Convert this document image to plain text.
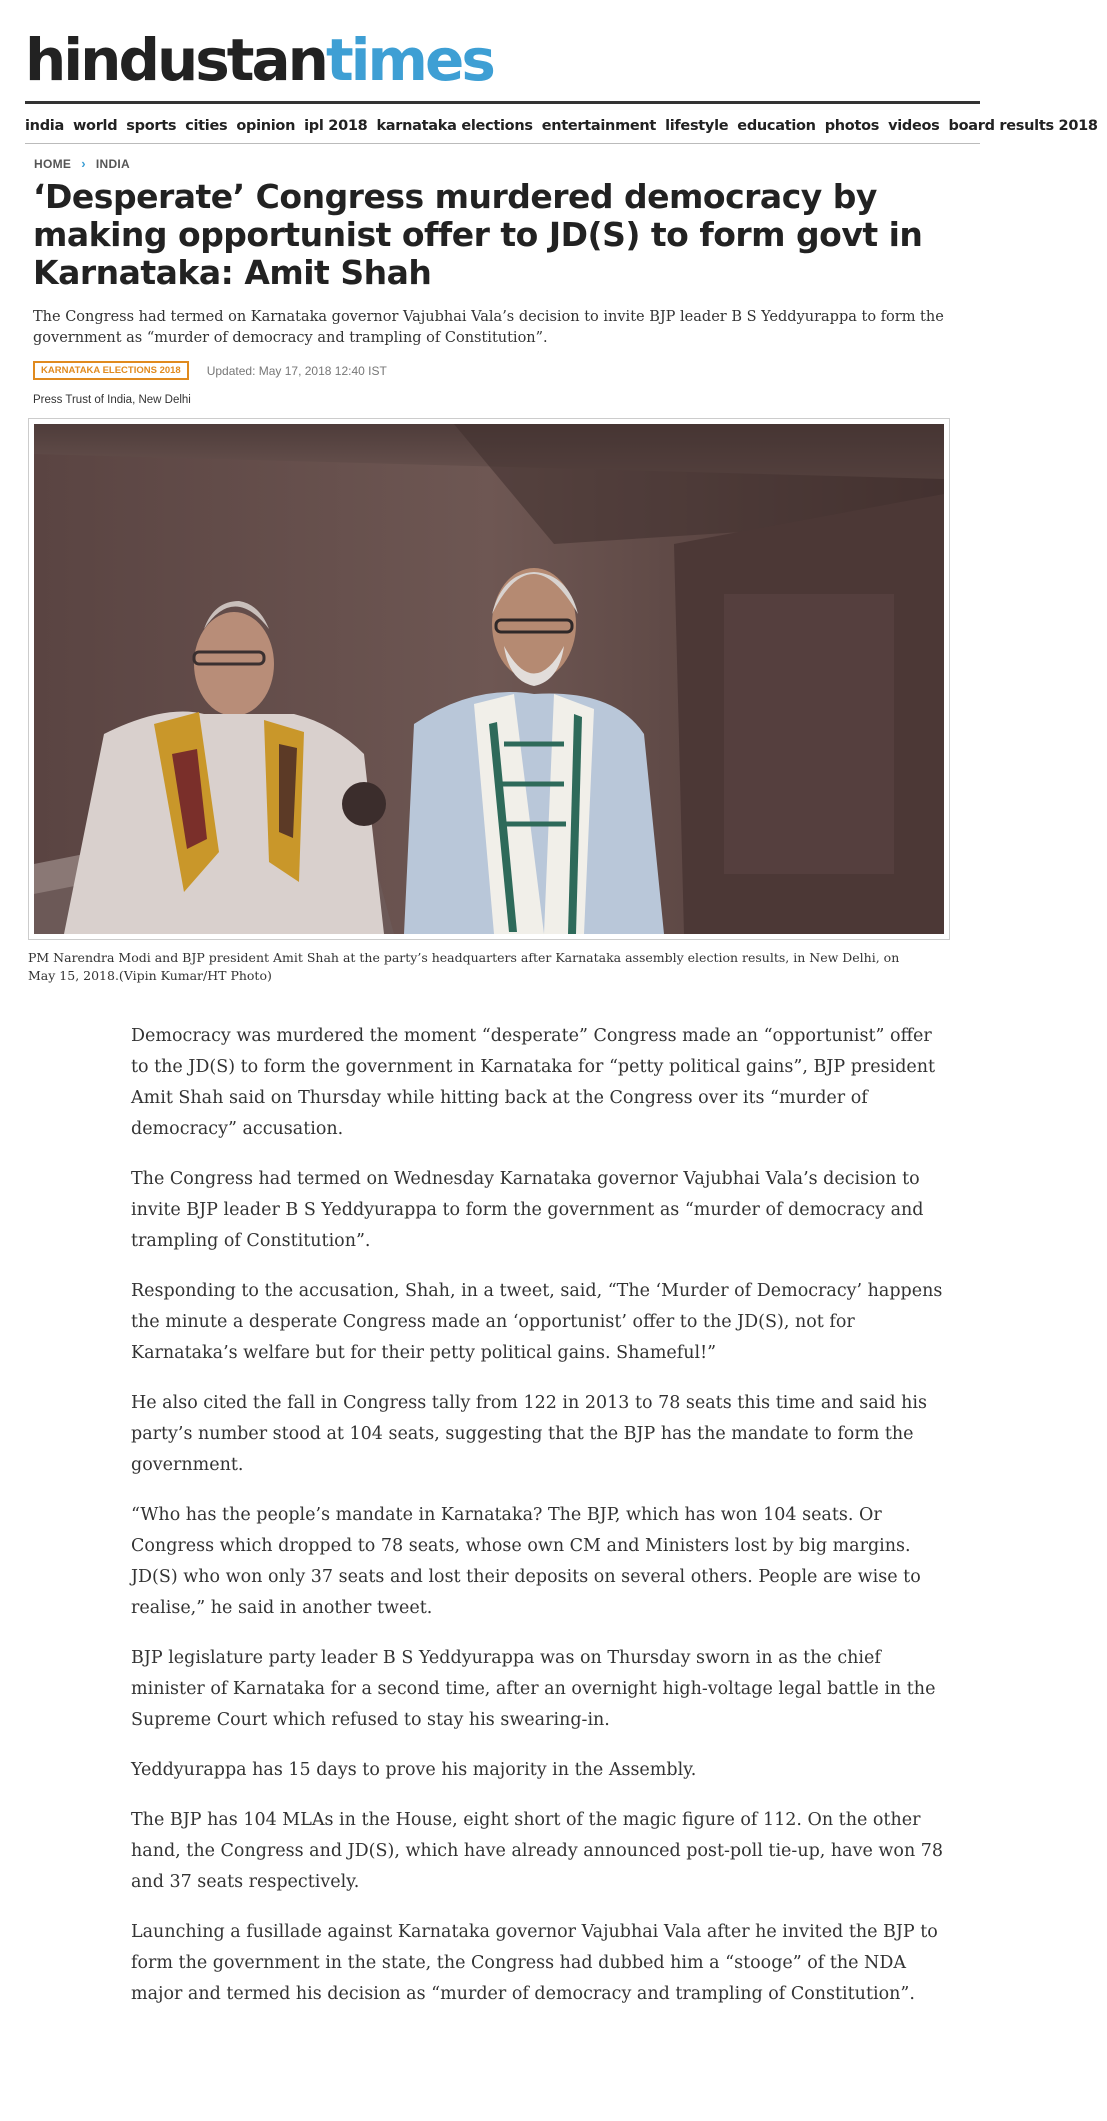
hindustantimes
india world sports cities opinion ipl 2018 karnataka elections entertainment lifestyle education photos videos board results 2018
HOME › INDIA
‘Desperate’ Congress murdered democracy by making opportunist offer to JD(S) to form govt in Karnataka: Amit Shah
The Congress had termed on Karnataka governor Vajubhai Vala’s decision to invite BJP leader B S Yeddyurappa to form the government as “murder of democracy and trampling of Constitution”.
KARNATAKA ELECTIONS 2018	Updated: May 17, 2018 12:40 IST
Press Trust of India, New Delhi
PM Narendra Modi and BJP president Amit Shah at the party’s headquarters after Karnataka assembly election results, in New Delhi, on May 15, 2018.(Vipin Kumar/HT Photo)

Democracy was murdered the moment “desperate” Congress made an “opportunist” offer to the JD(S) to form the government in Karnataka for “petty political gains”, BJP president Amit Shah said on Thursday while hitting back at the Congress over its “murder of democracy” accusation.

The Congress had termed on Wednesday Karnataka governor Vajubhai Vala’s decision to invite BJP leader B S Yeddyurappa to form the government as “murder of democracy and trampling of Constitution”.

Responding to the accusation, Shah, in a tweet, said, “The ‘Murder of Democracy’ happens the minute a desperate Congress made an ‘opportunist’ offer to the JD(S), not for Karnataka’s welfare but for their petty political gains. Shameful!”

He also cited the fall in Congress tally from 122 in 2013 to 78 seats this time and said his party’s number stood at 104 seats, suggesting that the BJP has the mandate to form the government.

“Who has the people’s mandate in Karnataka? The BJP, which has won 104 seats. Or Congress which dropped to 78 seats, whose own CM and Ministers lost by big margins. JD(S) who won only 37 seats and lost their deposits on several others. People are wise to realise,” he said in another tweet.

BJP legislature party leader B S Yeddyurappa was on Thursday sworn in as the chief minister of Karnataka for a second time, after an overnight high-voltage legal battle in the Supreme Court which refused to stay his swearing-in.

Yeddyurappa has 15 days to prove his majority in the Assembly.

The BJP has 104 MLAs in the House, eight short of the magic figure of 112. On the other hand, the Congress and JD(S), which have already announced post-poll tie-up, have won 78 and 37 seats respectively.

Launching a fusillade against Karnataka governor Vajubhai Vala after he invited the BJP to form the government in the state, the Congress had dubbed him a “stooge” of the NDA major and termed his decision as “murder of democracy and trampling of Constitution”.
